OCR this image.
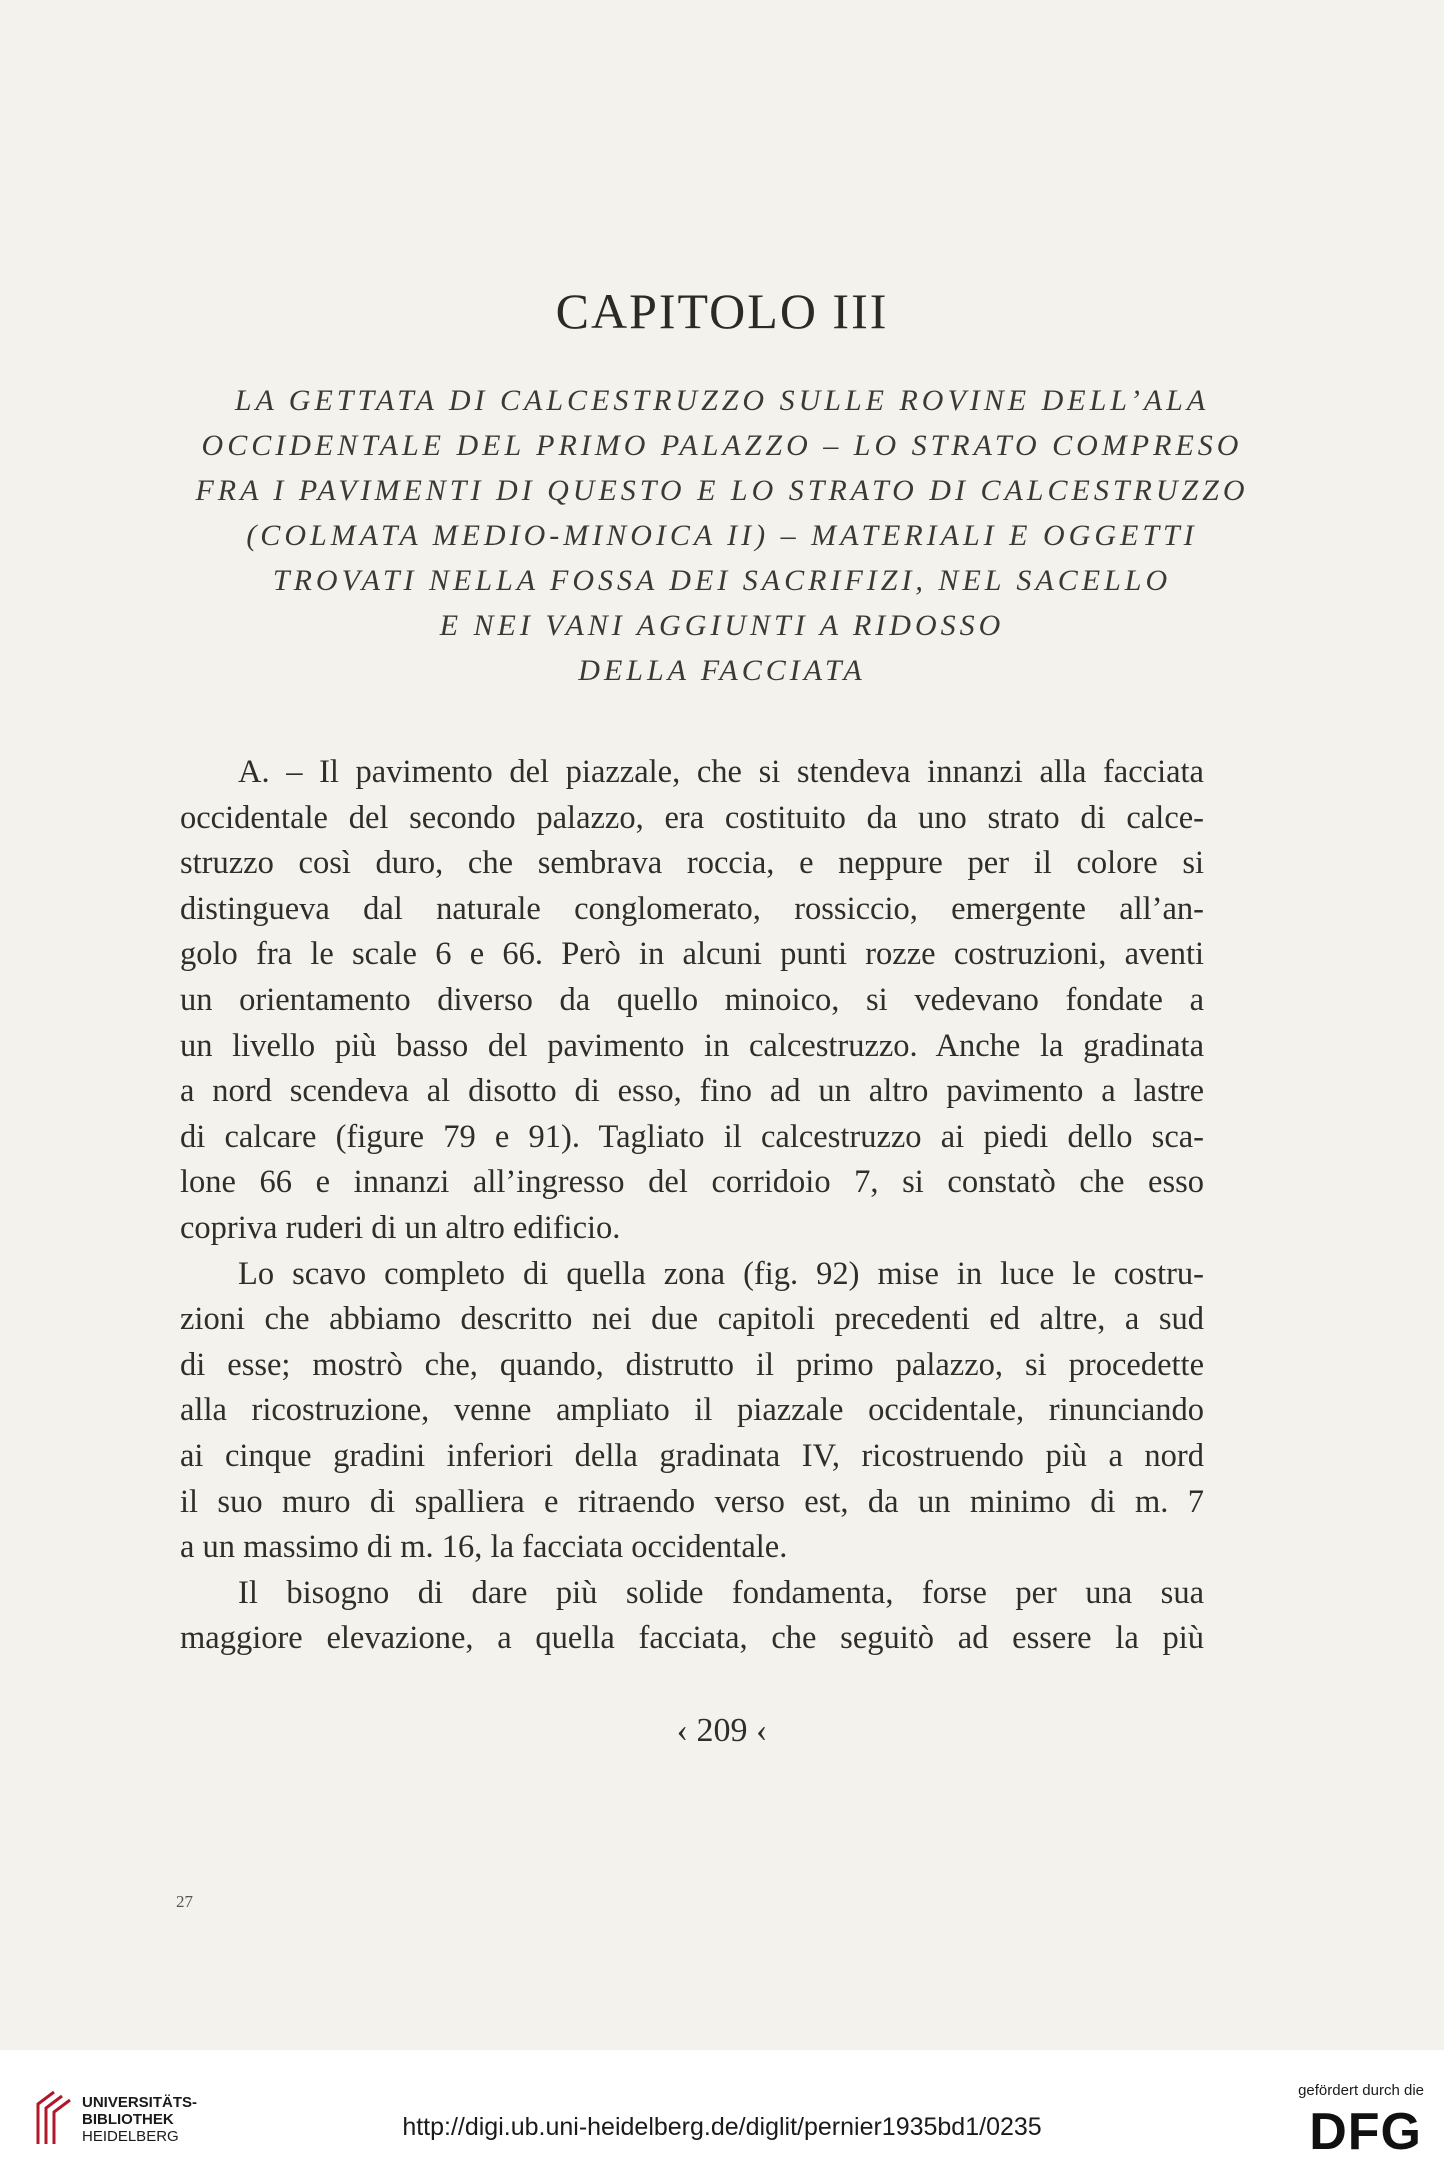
CAPITOLO III
LA GETTATA DI CALCESTRUZZO SULLE ROVINE DELL’ALA
OCCIDENTALE DEL PRIMO PALAZZO – LO STRATO COMPRESO
FRA I PAVIMENTI DI QUESTO E LO STRATO DI CALCESTRUZZO
(COLMATA MEDIO-MINOICA II) – MATERIALI E OGGETTI
TROVATI NELLA FOSSA DEI SACRIFIZI, NEL SACELLO
E NEI VANI AGGIUNTI A RIDOSSO
DELLA FACCIATA
A. – Il pavimento del piazzale, che si stendeva innanzi alla facciata
occidentale del secondo palazzo, era costituito da uno strato di calce-
struzzo così duro, che sembrava roccia, e neppure per il colore si
distingueva dal naturale conglomerato, rossiccio, emergente all’an-
golo fra le scale 6 e 66. Però in alcuni punti rozze costruzioni, aventi
un orientamento diverso da quello minoico, si vedevano fondate a
un livello più basso del pavimento in calcestruzzo. Anche la gradinata
a nord scendeva al disotto di esso, fino ad un altro pavimento a lastre
di calcare (figure 79 e 91). Tagliato il calcestruzzo ai piedi dello sca-
lone 66 e innanzi all’ingresso del corridoio 7, si constatò che esso
copriva ruderi di un altro edificio.
Lo scavo completo di quella zona (fig. 92) mise in luce le costru-
zioni che abbiamo descritto nei due capitoli precedenti ed altre, a sud
di esse; mostrò che, quando, distrutto il primo palazzo, si procedette
alla ricostruzione, venne ampliato il piazzale occidentale, rinunciando
ai cinque gradini inferiori della gradinata IV, ricostruendo più a nord
il suo muro di spalliera e ritraendo verso est, da un minimo di m. 7
a un massimo di m. 16, la facciata occidentale.
Il bisogno di dare più solide fondamenta, forse per una sua
maggiore elevazione, a quella facciata, che seguitò ad essere la più
‹ 209 ‹
27
UNIVERSITÄTS-
BIBLIOTHEK
HEIDELBERG	http://digi.ub.uni-heidelberg.de/diglit/pernier1935bd1/0235
gefördert durch die
DFG
